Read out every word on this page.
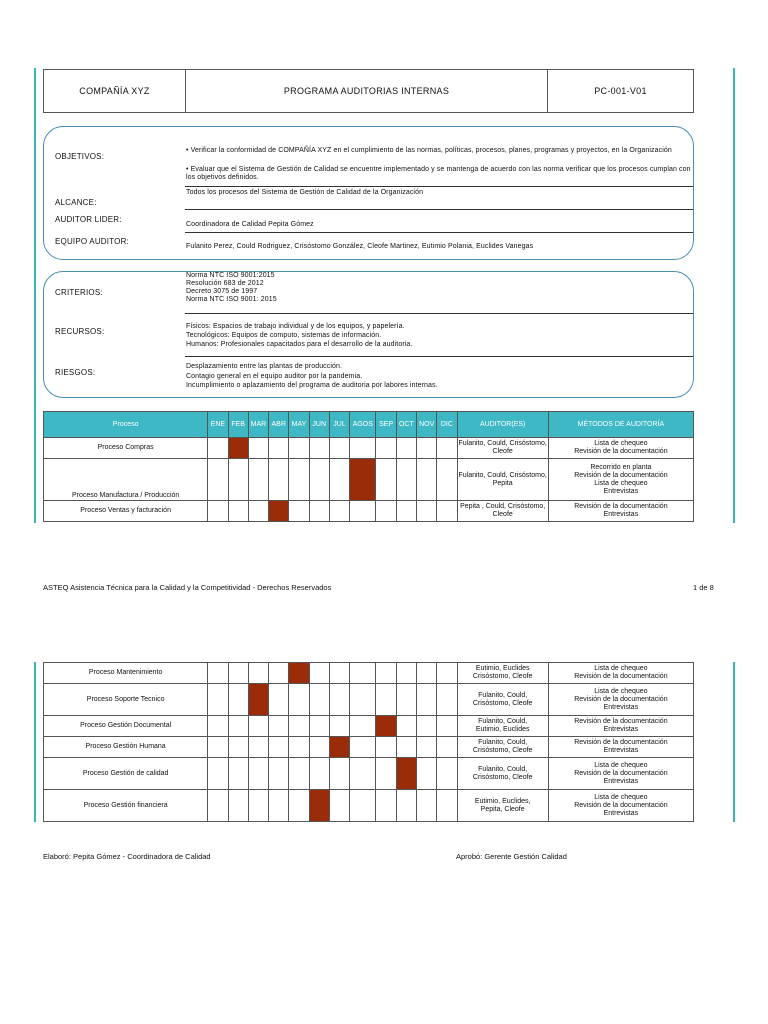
COMPAÑÍA XYZ	PROGRAMA AUDITORIAS INTERNAS	PC-001-V01
OBJETIVOS:
• Verificar la conformidad de COMPAÑÍA XYZ en el cumplimiento de las normas, políticas, procesos, planes, programas y proyectos, en la Organización
• Evaluar que el Sistema de Gestión de Calidad se encuentre implementado y se mantenga de acuerdo con las norma verificar que los procesos cumplan con los objetivos definidos.
ALCANCE:
Todos los procesos del Sistema de Gestión de Calidad de la Organización
AUDITOR LIDER:
Coordinadora de Calidad Pepita Gómez
EQUIPO AUDITOR:
Fulanito Perez, Could Rodriguez, Crisóstomo González, Cleofe Martinez, Eutimio Polania, Euclides Vanegas
CRITERIOS:
Norma NTC ISO 9001:2015
Resolución 683 de 2012
Decreto 3075 de 1997
Norma NTC ISO 9001: 2015
RECURSOS:
Físicos: Espacios de trabajo individual y de los equipos, y papelería.
Tecnológicos: Equipos de computo, sistemas de información.
Humanos: Profesionales capacitados para el desarrollo de la auditoria.
RIESGOS:
Desplazamiento entre las plantas de producción.
Contagio general en el equipo auditor por la pandemia.
Incumplimiento o aplazamiento del programa de auditoria por labores internas.
Proceso	ENE	FEB	MAR	ABR	MAY	JUN	JUL	AGOS	SEP	OCT	NOV	DIC	AUDITOR(ES)	MÉTODOS DE AUDITORÍA
Proceso Compras													Fulanito, Could, Crisóstomo, Cleofe	Lista de chequeo
Revisión de la documentación
Proceso Manufactura / Producción													Fulanito, Could, Crisóstomo, Pepita	Recorrido en planta
Revisión de la documentación
Lista de chequeo
Entrevistas
Proceso Ventas y facturación													Pepita , Could, Crisóstomo, Cleofe	Revisión de la documentación
Entrevistas
ASTEQ Asistencia Técnica para la Calidad y la Competitividad - Derechos Reservados	1 de 8
Proceso Mantenimiento													Eutimio, Euclides
Crisóstomo, Cleofe	Lista de chequeo
Revisión de la documentación
Proceso Soporte Tecnico													Fulanito, Could,
Crisóstomo, Cleofe	Lista de chequeo
Revisión de la documentación
Entrevistas
Proceso Gestión Documental													Fulanito, Could,
Eutimio, Euclides	Revisión de la documentación
Entrevistas
Proceso Gestión Humana													Fulanito, Could,
Crisóstomo, Cleofe	Revisión de la documentación
Entrevistas
Proceso Gestión de calidad													Fulanito, Could,
Crisóstomo, Cleofe	Lista de chequeo
Revisión de la documentación
Entrevistas
Proceso Gestión financiera													Eutimio, Euclides,
Pepita, Cleofe	Lista de chequeo
Revisión de la documentación
Entrevistas
Elaboró: Pepita Gómez - Coordinadora de Calidad	Aprobó: Gerente Gestión Calidad
